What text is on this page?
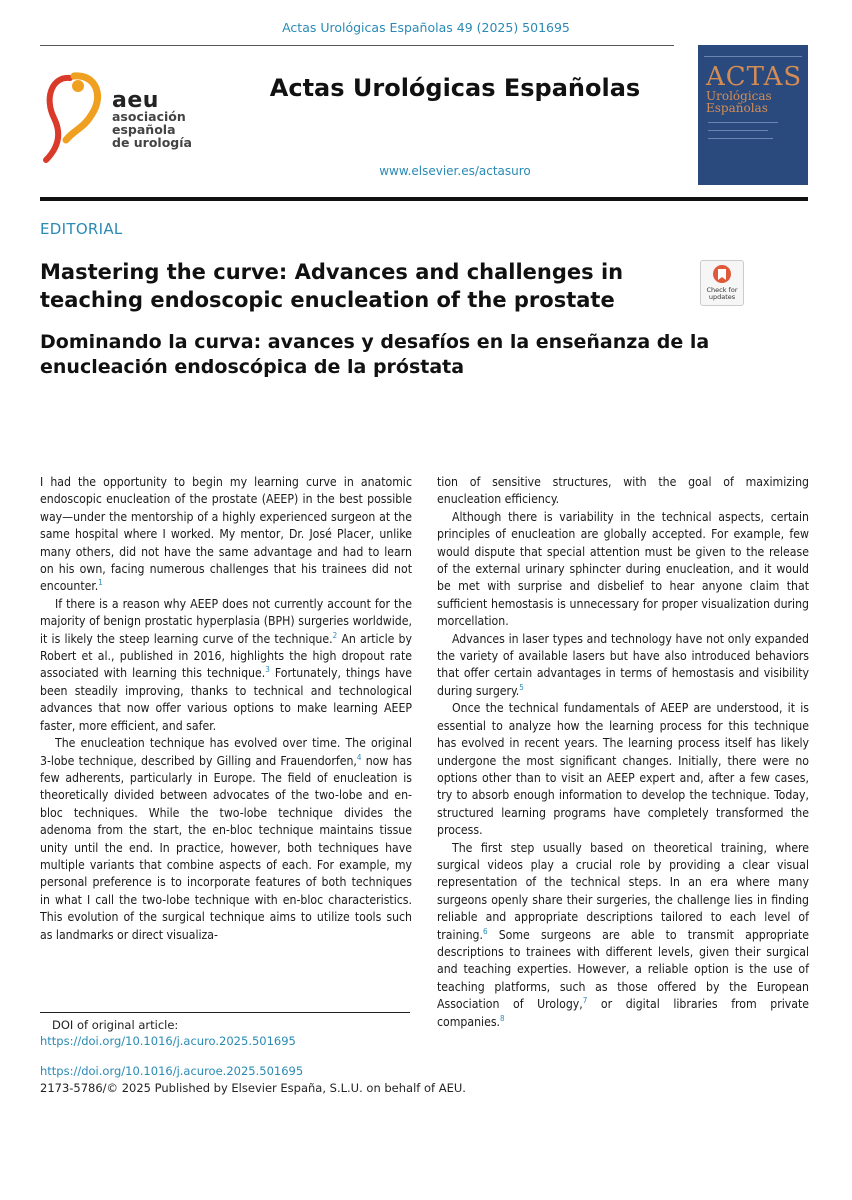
Actas Urológicas Españolas 49 (2025) 501695
aeu
asociación
española
de urología
Actas Urológicas Españolas
www.elsevier.es/actasuro
ACTAS
Urológicas
Españolas
EDITORIAL
Mastering the curve: Advances and challenges in teaching endoscopic enucleation of the prostate	Check for updates
Dominando la curva: avances y desafíos en la enseñanza de la enucleación endoscópica de la próstata

I had the opportunity to begin my learning curve in anatomic endoscopic enucleation of the prostate (AEEP) in the best possible way—under the mentorship of a highly experienced surgeon at the same hospital where I worked. My mentor, Dr. José Placer, unlike many others, did not have the same advantage and had to learn on his own, facing numerous challenges that his trainees did not encounter.$^1$

If there is a reason why AEEP does not currently account for the majority of benign prostatic hyperplasia (BPH) surgeries worldwide, it is likely the steep learning curve of the technique.$^2$ An article by Robert et al., published in 2016, highlights the high dropout rate associated with learning this technique.$^3$ Fortunately, things have been steadily improving, thanks to technical and technological advances that now offer various options to make learning AEEP faster, more efficient, and safer.

The enucleation technique has evolved over time. The original 3-lobe technique, described by Gilling and Frauendorfen,$^4$ now has few adherents, particularly in Europe. The field of enucleation is theoretically divided between advocates of the two-lobe and en-bloc techniques. While the two-lobe technique divides the adenoma from the start, the en-bloc technique maintains tissue unity until the end. In practice, however, both techniques have multiple variants that combine aspects of each. For example, my personal preference is to incorporate features of both techniques in what I call the two-lobe technique with en-bloc characteristics. This evolution of the surgical technique aims to utilize tools such as landmarks or direct visualiza-

tion of sensitive structures, with the goal of maximizing enucleation efficiency.

Although there is variability in the technical aspects, certain principles of enucleation are globally accepted. For example, few would dispute that special attention must be given to the release of the external urinary sphincter during enucleation, and it would be met with surprise and disbelief to hear anyone claim that sufficient hemostasis is unnecessary for proper visualization during morcellation.

Advances in laser types and technology have not only expanded the variety of available lasers but have also introduced behaviors that offer certain advantages in terms of hemostasis and visibility during surgery.$^5$

Once the technical fundamentals of AEEP are understood, it is essential to analyze how the learning process for this technique has evolved in recent years. The learning process itself has likely undergone the most significant changes. Initially, there were no options other than to visit an AEEP expert and, after a few cases, try to absorb enough information to develop the technique. Today, structured learning programs have completely transformed the process.

The first step usually based on theoretical training, where surgical videos play a crucial role by providing a clear visual representation of the technical steps. In an era where many surgeons openly share their surgeries, the challenge lies in finding reliable and appropriate descriptions tailored to each level of training.$^6$ Some surgeons are able to transmit appropriate descriptions to trainees with different levels, given their surgical and teaching experties. However, a reliable option is the use of teaching platforms, such as those offered by the European Association of Urology,$^7$ or digital libraries from private companies.$^8$

DOI of original article:
https://doi.org/10.1016/j.acuro.2025.501695
https://doi.org/10.1016/j.acuroe.2025.501695
2173-5786/© 2025 Published by Elsevier España, S.L.U. on behalf of AEU.
